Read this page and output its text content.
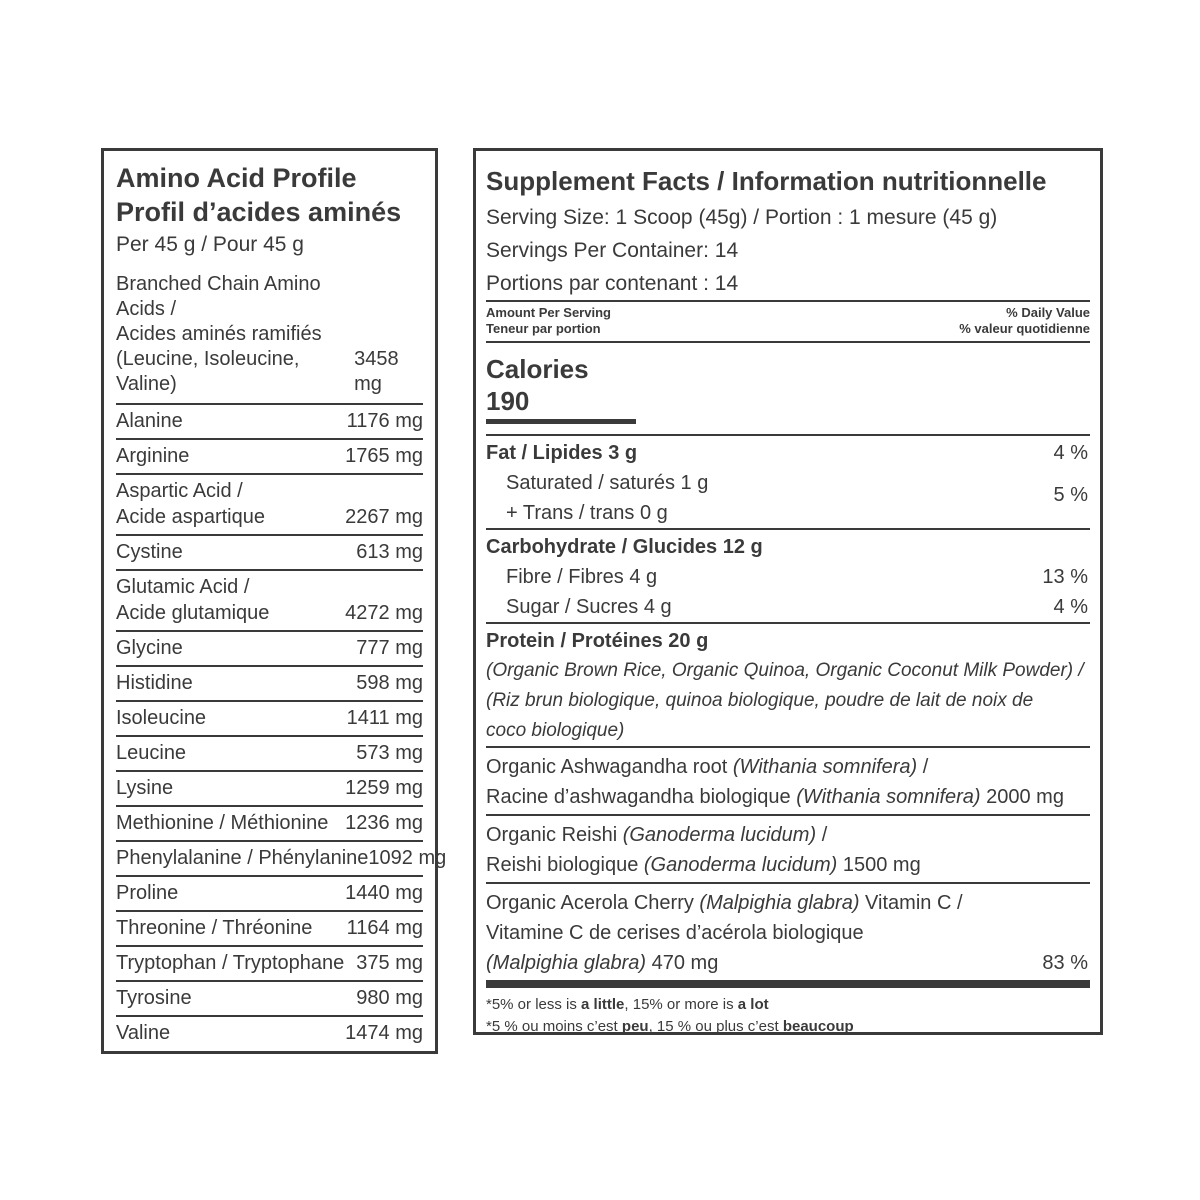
Amino Acid Profile
Profil d’acides aminés
Per 45 g / Pour 45 g
Branched Chain Amino Acids /
Acides aminés ramifiés
(Leucine, Isoleucine, Valine)
3458 mg
Alanine	1176 mg
Arginine	1765 mg
Aspartic Acid /
Acide aspartique	2267 mg
Cystine	613 mg
Glutamic Acid /
Acide glutamique	4272 mg
Glycine	777 mg
Histidine	598 mg
Isoleucine	1411 mg
Leucine	573 mg
Lysine	1259 mg
Methionine / Méthionine 1236 mg
Phenylalanine / Phénylanine 1092 mg
Proline	1440 mg
Threonine / Thréonine 1164 mg
Tryptophan / Tryptophane 375 mg
Tyrosine	980 mg
Valine	1474 mg
Supplement Facts / Information nutritionnelle
Serving Size: 1 Scoop (45g) / Portion : 1 mesure (45 g)
Servings Per Container: 14
Portions par contenant : 14
Amount Per Serving
Teneur par portion
% Daily Value
% valeur quotidienne
Calories 190
Fat / Lipides 3 g	4 %
Saturated / saturés 1 g
+ Trans / trans 0 g
5 %
Carbohydrate / Glucides 12 g
Fibre / Fibres 4 g	13 %
Sugar / Sucres 4 g	4 %
Protein / Protéines 20 g
(Organic Brown Rice, Organic Quinoa, Organic Coconut Milk Powder) /
(Riz brun biologique, quinoa biologique, poudre de lait de noix de
coco biologique)
Organic Ashwagandha root (Withania somnifera) /
Racine d’ashwagandha biologique (Withania somnifera) 2000 mg
Organic Reishi (Ganoderma lucidum) /
Reishi biologique (Ganoderma lucidum) 1500 mg
Organic Acerola Cherry (Malpighia glabra) Vitamin C /
Vitamine C de cerises d’acérola biologique
(Malpighia glabra) 470 mg	83 %
*5% or less is a little, 15% or more is a lot
*5 % ou moins c’est peu, 15 % ou plus c’est beaucoup
